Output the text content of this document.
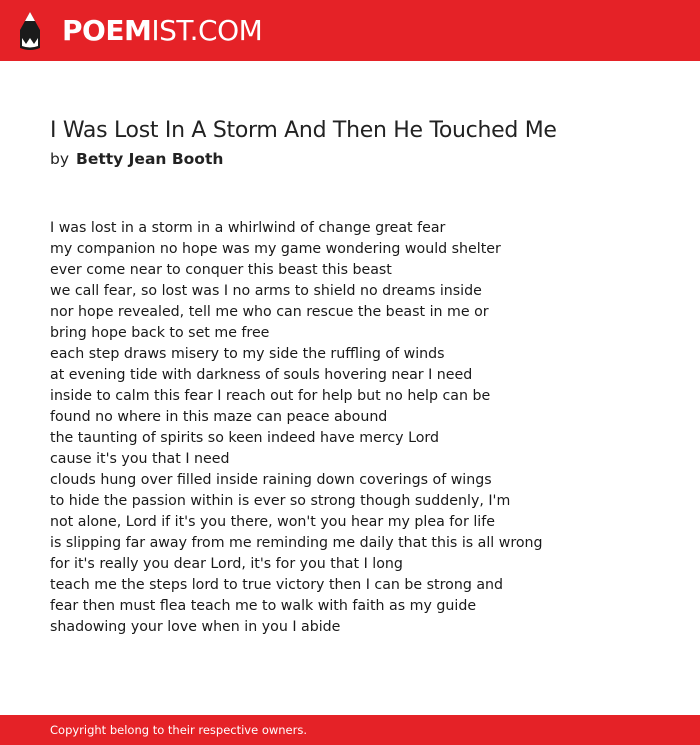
POEMIST.COM
I Was Lost In A Storm And Then He Touched Me
by Betty Jean Booth
I was lost in a storm in a whirlwind of change great fear
my companion no hope was my game wondering would shelter
ever come near to conquer this beast this beast
we call fear, so lost was I no arms to shield no dreams inside
nor hope revealed, tell me who can rescue the beast in me or
bring hope back to set me free
each step draws misery to my side the ruffling of winds
at evening tide with darkness of souls hovering near I need
inside to calm this fear I reach out for help but no help can be
found no where in this maze can peace abound
the taunting of spirits so keen indeed have mercy Lord
cause it's you that I need
clouds hung over filled inside raining down coverings of wings
to hide the passion within is ever so strong though suddenly, I'm
not alone, Lord if it's you there, won't you hear my plea for life
is slipping far away from me reminding me daily that this is all wrong
for it's really you dear Lord, it's for you that I long
teach me the steps lord to true victory then I can be strong and
fear then must flea teach me to walk with faith as my guide
shadowing your love when in you I abide
Copyright belong to their respective owners.
